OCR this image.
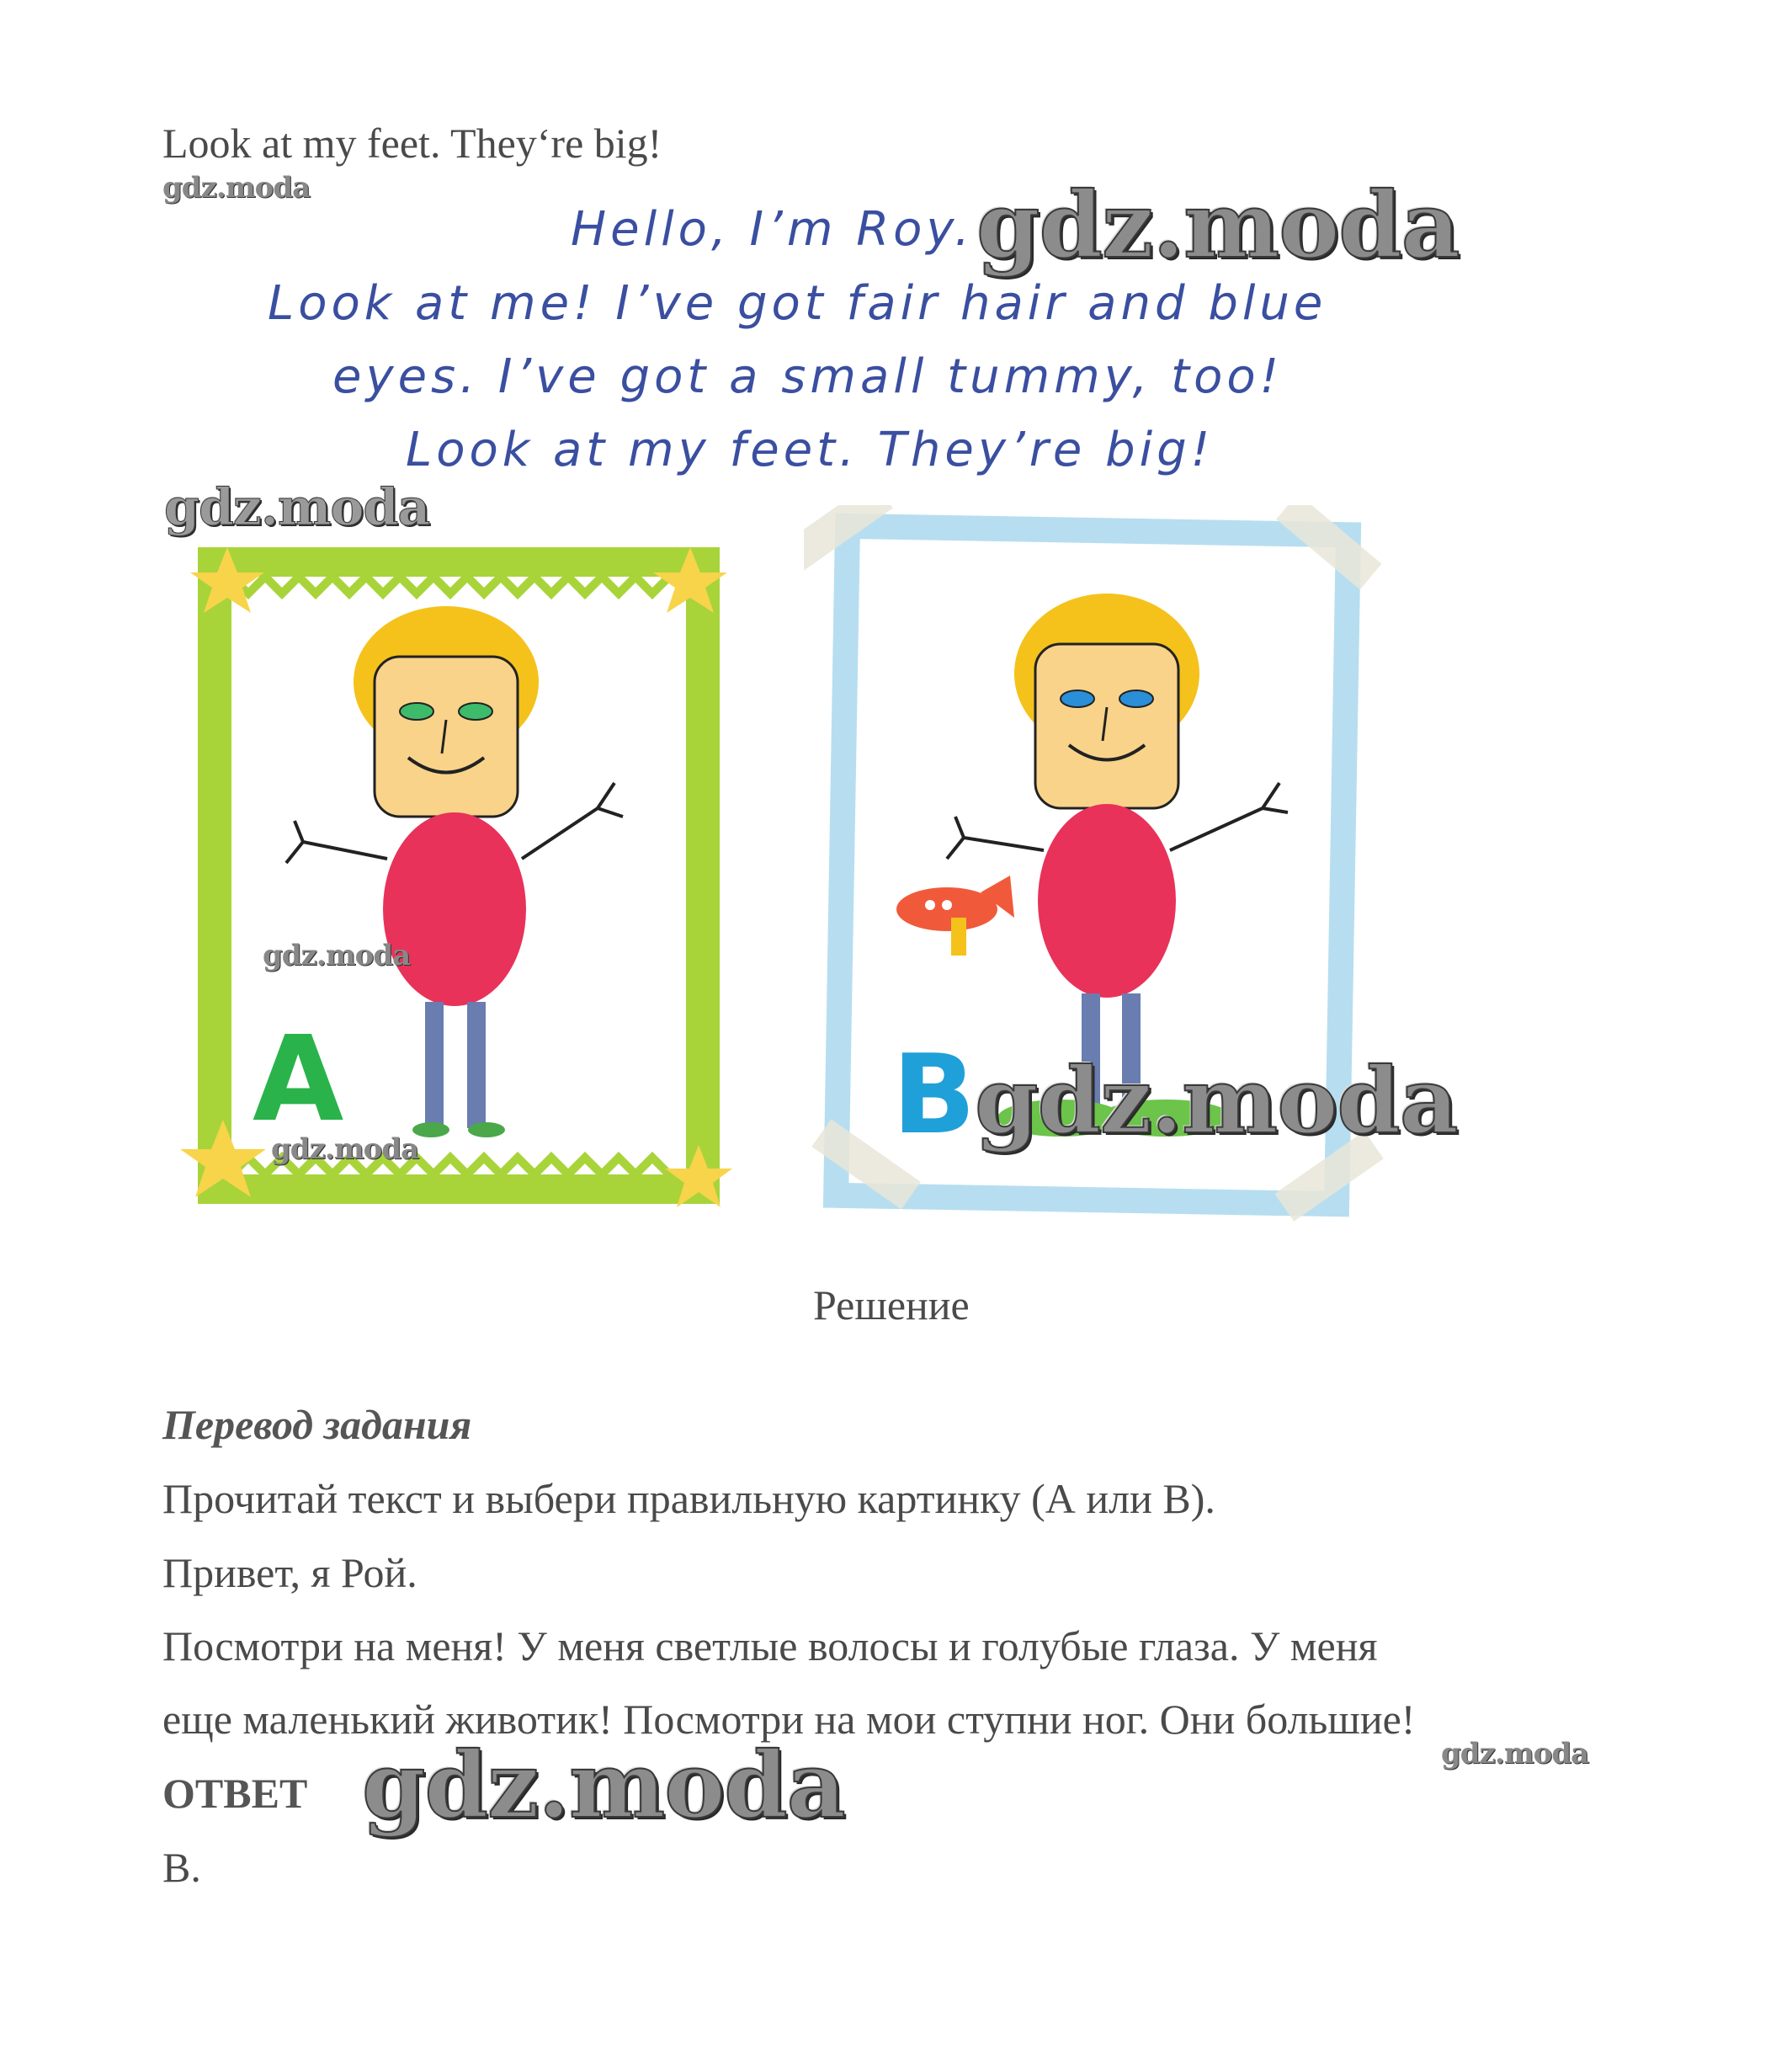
Look at my feet. They‘re big!
gdz.moda
Hello, I’m Roy. gdz.moda
Look at me! I’ve got fair hair and blue
eyes. I’ve got a small tummy, too!
Look at my feet. They’re big!
gdz.moda
A
gdz.moda
gdz.moda	B
gdz.moda
Решение
Перевод задания
Прочитай текст и выбери правильную картинку (А или В).
Привет, я Рой.
Посмотри на меня! У меня светлые волосы и голубые глаза. У меня
еще маленький животик! Посмотри на мои ступни ног. Они большие!
gdz.moda
ОТВЕТ gdz.moda
В.
